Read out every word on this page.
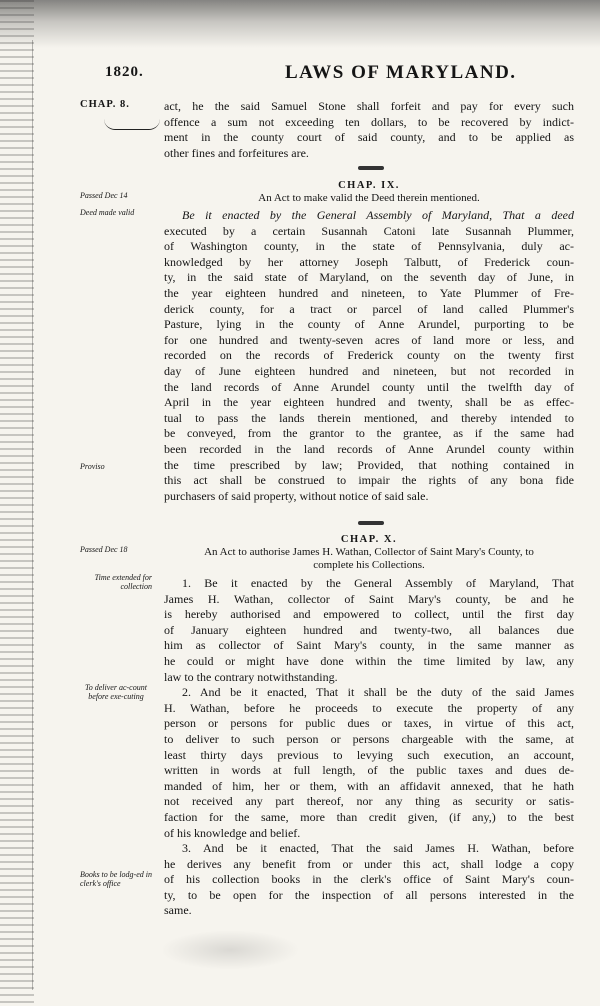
1820.	LAWS OF MARYLAND.
CHAP. 8.	act, he the said Samuel Stone shall forfeit and pay for every such
offence a sum not exceeding ten dollars, to be recovered by indict-
ment in the county court of said county, and to be applied as
other fines and forfeitures are.
CHAP. IX.
Passed Dec 14	An Act to make valid the Deed therein mentioned.
Deed made valid
Proviso
Be it enacted by the General Assembly of Maryland, That a deed
executed by a certain Susannah Catoni late Susannah Plummer,
of Washington county, in the state of Pennsylvania, duly ac-
knowledged by her attorney Joseph Talbutt, of Frederick coun-
ty, in the said state of Maryland, on the seventh day of June, in
the year eighteen hundred and nineteen, to Yate Plummer of Fre-
derick county, for a tract or parcel of land called Plummer's
Pasture, lying in the county of Anne Arundel, purporting to be
for one hundred and twenty-seven acres of land more or less, and
recorded on the records of Frederick county on the twenty first
day of June eighteen hundred and nineteen, but not recorded in
the land records of Anne Arundel county until the twelfth day of
April in the year eighteen hundred and twenty, shall be as effec-
tual to pass the lands therein mentioned, and thereby intended to
be conveyed, from the grantor to the grantee, as if the same had
been recorded in the land records of Anne Arundel county within
the time prescribed by law; Provided, that nothing contained in
this act shall be construed to impair the rights of any bona fide
purchasers of said property, without notice of said sale.
CHAP. X.
Passed Dec 18	An Act to authorise James H. Wathan, Collector of Saint Mary's County, to
complete his Collections.
Time extended for collection
To deliver ac-count before exe-cuting
Books to be lodg-ed in clerk's office
1. Be it enacted by the General Assembly of Maryland, That
James H. Wathan, collector of Saint Mary's county, be and he
is hereby authorised and empowered to collect, until the first day
of January eighteen hundred and twenty-two, all balances due
him as collector of Saint Mary's county, in the same manner as
he could or might have done within the time limited by law, any
law to the contrary notwithstanding.
2. And be it enacted, That it shall be the duty of the said James
H. Wathan, before he proceeds to execute the property of any
person or persons for public dues or taxes, in virtue of this act,
to deliver to such person or persons chargeable with the same, at
least thirty days previous to levying such execution, an account,
written in words at full length, of the public taxes and dues de-
manded of him, her or them, with an affidavit annexed, that he hath
not received any part thereof, nor any thing as security or satis-
faction for the same, more than credit given, (if any,) to the best
of his knowledge and belief.
3. And be it enacted, That the said James H. Wathan, before
he derives any benefit from or under this act, shall lodge a copy
of his collection books in the clerk's office of Saint Mary's coun-
ty, to be open for the inspection of all persons interested in the
same.
